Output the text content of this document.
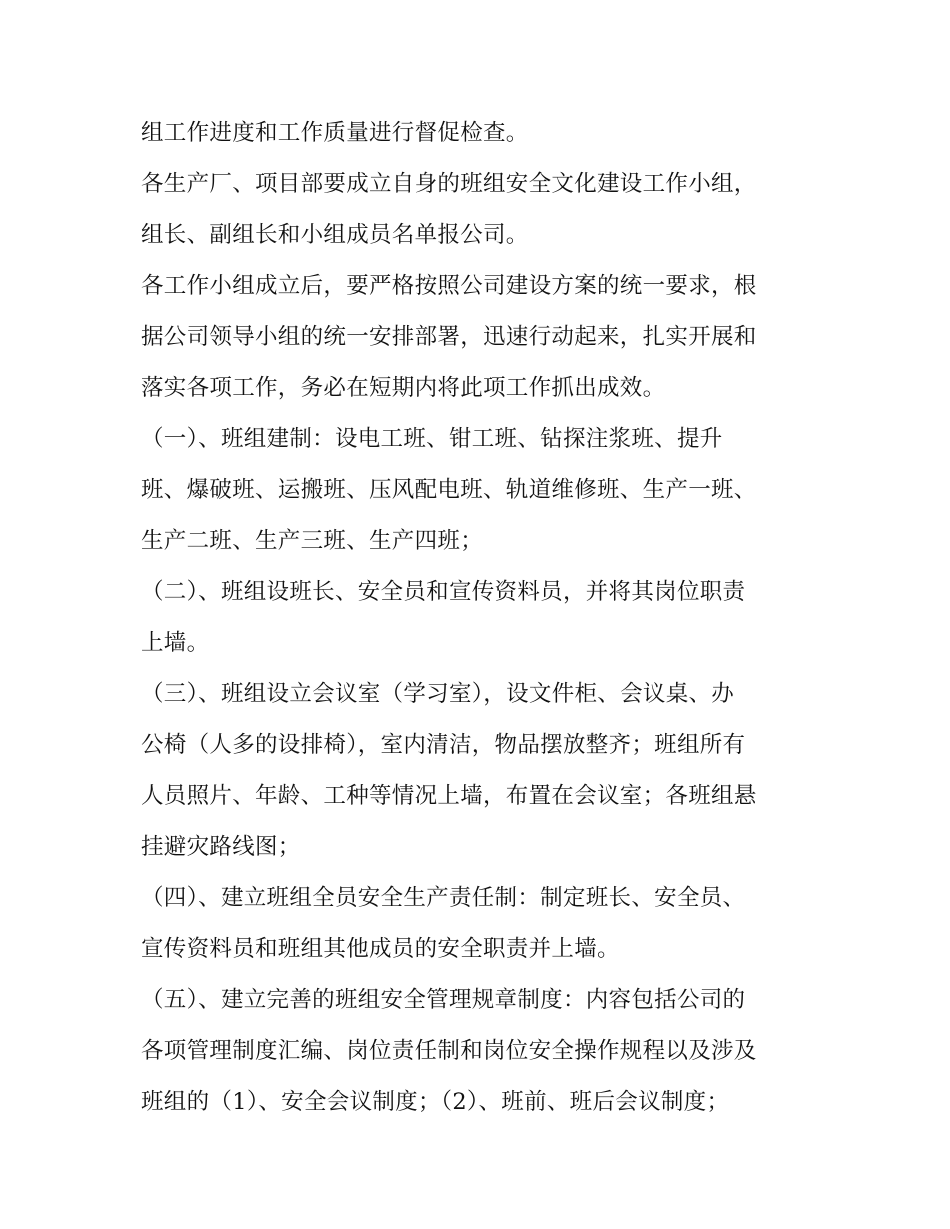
组工作进度和工作质量进行督促检查。
各生产厂、项目部要成立自身的班组安全文化建设工作小组，
组长、副组长和小组成员名单报公司。
各工作小组成立后，要严格按照公司建设方案的统一要求，根
据公司领导小组的统一安排部署，迅速行动起来，扎实开展和
落实各项工作，务必在短期内将此项工作抓出成效。
（一）、班组建制：设电工班、钳工班、钻探注浆班、提升
班、爆破班、运搬班、压风配电班、轨道维修班、生产一班、
生产二班、生产三班、生产四班；
（二）、班组设班长、安全员和宣传资料员，并将其岗位职责
上墙。
（三）、班组设立会议室（学习室），设文件柜、会议桌、办
公椅（人多的设排椅），室内清洁，物品摆放整齐；班组所有
人员照片、年龄、工种等情况上墙，布置在会议室；各班组悬
挂避灾路线图；
（四）、建立班组全员安全生产责任制：制定班长、安全员、
宣传资料员和班组其他成员的安全职责并上墙。
（五）、建立完善的班组安全管理规章制度：内容包括公司的
各项管理制度汇编、岗位责任制和岗位安全操作规程以及涉及
班组的（1）、安全会议制度；（2）、班前、班后会议制度；
